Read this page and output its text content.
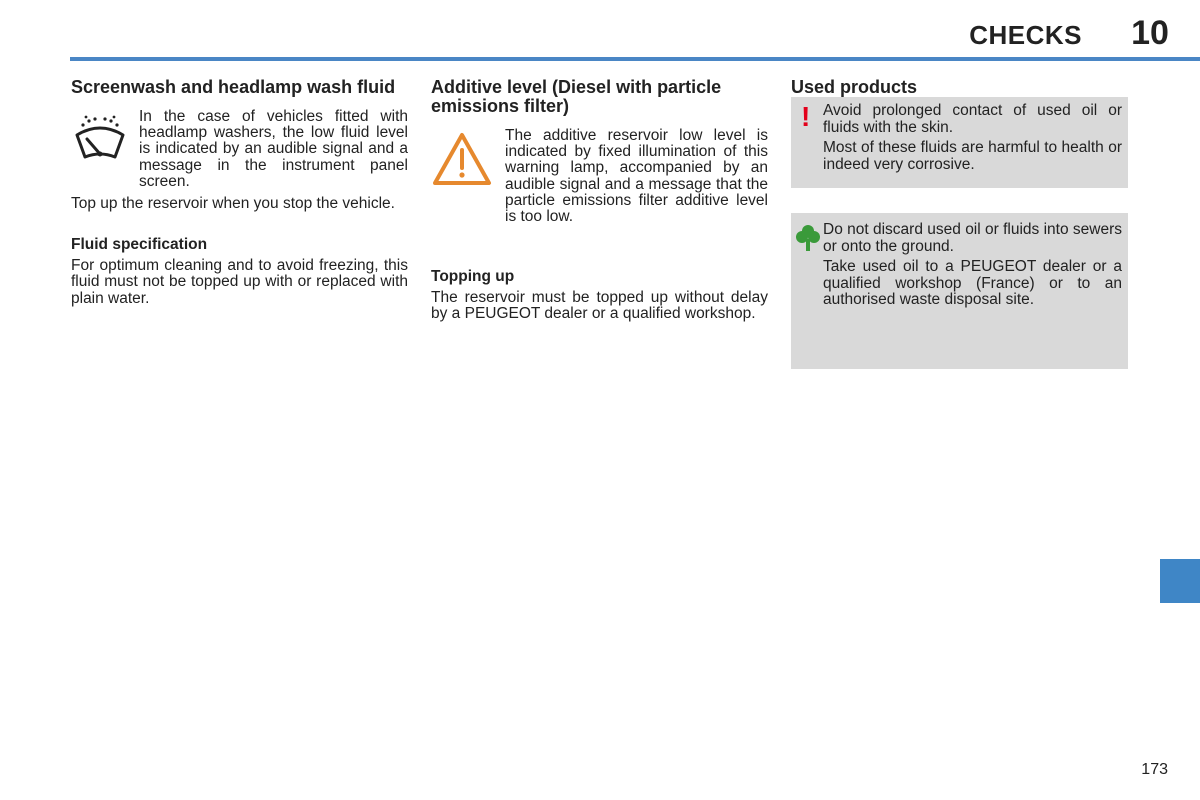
CHECKS	10
Screenwash and headlamp wash fluid

In the case of vehicles fitted with headlamp washers, the low fluid level is indicated by an audible signal and a message in the instrument panel screen.

Top up the reservoir when you stop the vehicle.

Fluid specification

For optimum cleaning and to avoid freezing, this fluid must not be topped up with or replaced with plain water.

Additive level (Diesel with particle emissions filter)

The additive reservoir low level is indicated by fixed illumination of this warning lamp, accompanied by an audible signal and a message that the particle emissions filter additive level is too low.

Topping up

The reservoir must be topped up without delay by a PEUGEOT dealer or a qualified workshop.

Used products
! Avoid prolonged contact of used oil or fluids with the skin.

Most of these fluids are harmful to health or indeed very corrosive.

Do not discard used oil or fluids into sewers or onto the ground.

Take used oil to a PEUGEOT dealer or a qualified workshop (France) or to an authorised waste disposal site.

173
